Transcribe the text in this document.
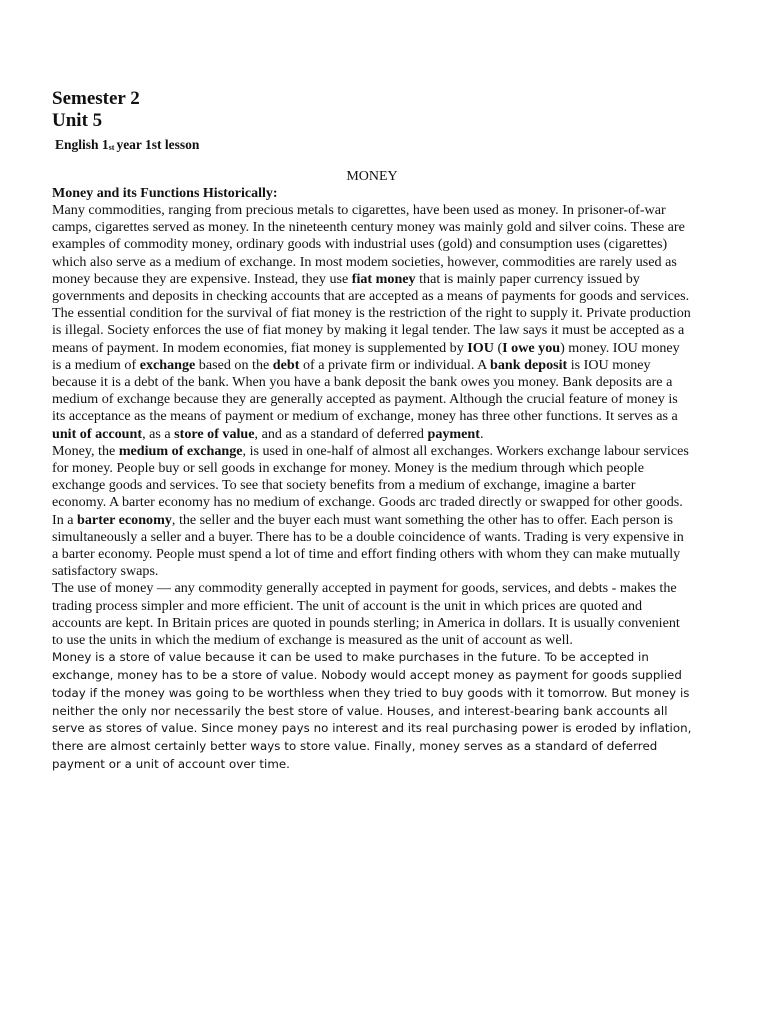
Semester 2
Unit 5
English $1_{st}$ year 1st lesson
MONEY
Money and its Functions Historically:

Many commodities, ranging from precious metals to cigarettes, have been used as money. In prisoner-of-war camps, cigarettes served as money. In the nineteenth century money was mainly gold and silver coins. These are examples of commodity money, ordinary goods with industrial uses (gold) and consumption uses (cigarettes) which also serve as a medium of exchange. In most modem societies, however, commodities are rarely used as money because they are expensive. Instead, they use fiat money that is mainly paper currency issued by governments and deposits in checking accounts that are accepted as a means of payments for goods and services.

The essential condition for the survival of fiat money is the restriction of the right to supply it. Private production is illegal. Society enforces the use of fiat money by making it legal tender. The law says it must be accepted as a means of payment. In modem economies, fiat money is supplemented by IOU (I owe you) money. IOU money is a medium of exchange based on the debt of a private firm or individual. A bank deposit is IOU money because it is a debt of the bank. When you have a bank deposit the bank owes you money. Bank deposits are a medium of exchange because they are generally accepted as payment. Although the crucial feature of money is its acceptance as the means of payment or medium of exchange, money has three other functions. It serves as a unit of account, as a store of value, and as a standard of deferred payment.

Money, the medium of exchange, is used in one-half of almost all exchanges. Workers exchange labour services for money. People buy or sell goods in exchange for money. Money is the medium through which people exchange goods and services. To see that society benefits from a medium of exchange, imagine a barter economy. A barter economy has no medium of exchange. Goods arc traded directly or swapped for other goods.

In a barter economy, the seller and the buyer each must want something the other has to offer. Each person is simultaneously a seller and a buyer. There has to be a double coincidence of wants. Trading is very expensive in a barter economy. People must spend a lot of time and effort finding others with whom they can make mutually satisfactory swaps.

The use of money — any commodity generally accepted in payment for goods, services, and debts - makes the trading process simpler and more efficient. The unit of account is the unit in which prices are quoted and accounts are kept. In Britain prices are quoted in pounds sterling; in America in dollars. It is usually convenient to use the units in which the medium of exchange is measured as the unit of account as well.

Money is a store of value because it can be used to make purchases in the future. To be accepted in exchange, money has to be a store of value. Nobody would accept money as payment for goods supplied today if the money was going to be worthless when they tried to buy goods with it tomorrow. But money is neither the only nor necessarily the best store of value. Houses, and interest-bearing bank accounts all serve as stores of value. Since money pays no interest and its real purchasing power is eroded by inflation, there are almost certainly better ways to store value. Finally, money serves as a standard of deferred payment or a unit of account over time.
